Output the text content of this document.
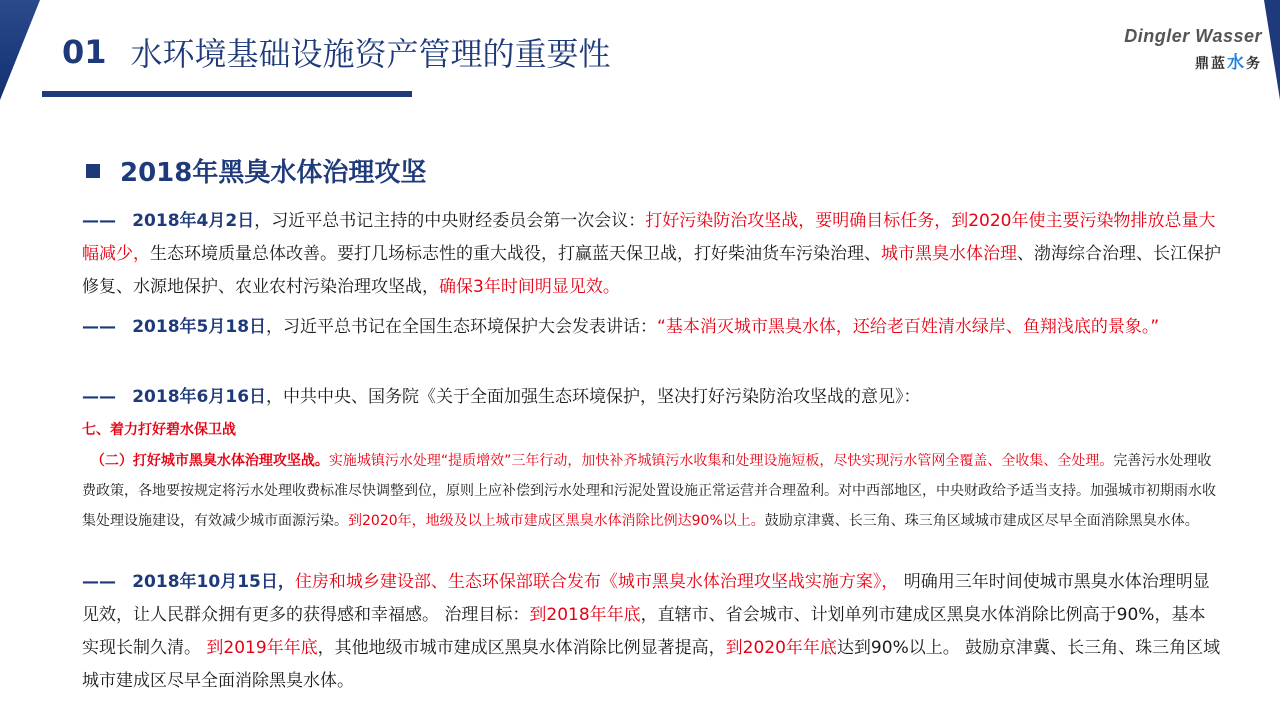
01 水环境基础设施资产管理的重要性	Dingler Wasser
鼎蓝水务
2018年黑臭水体治理攻坚
—— 2018年4月2日，习近平总书记主持的中央财经委员会第一次会议：打好污染防治攻坚战，要明确目标任务，到2020年使主要污染物排放总量大幅减少，生态环境质量总体改善。要打几场标志性的重大战役，打赢蓝天保卫战，打好柴油货车污染治理、城市黑臭水体治理、渤海综合治理、长江保护修复、水源地保护、农业农村污染治理攻坚战，确保3年时间明显见效。
—— 2018年5月18日，习近平总书记在全国生态环境保护大会发表讲话：“基本消灭城市黑臭水体，还给老百姓清水绿岸、鱼翔浅底的景象。”
—— 2018年6月16日，中共中央、国务院《关于全面加强生态环境保护，坚决打好污染防治攻坚战的意见》：
七、着力打好碧水保卫战
（二）打好城市黑臭水体治理攻坚战。实施城镇污水处理“提质增效”三年行动，加快补齐城镇污水收集和处理设施短板，尽快实现污水管网全覆盖、全收集、全处理。完善污水处理收费政策，各地要按规定将污水处理收费标准尽快调整到位，原则上应补偿到污水处理和污泥处置设施正常运营并合理盈利。对中西部地区，中央财政给予适当支持。加强城市初期雨水收集处理设施建设，有效减少城市面源污染。到2020年，地级及以上城市建成区黑臭水体消除比例达90%以上。鼓励京津冀、长三角、珠三角区域城市建成区尽早全面消除黑臭水体。
—— 2018年10月15日，住房和城乡建设部、生态环保部联合发布《城市黑臭水体治理攻坚战实施方案》， 明确用三年时间使城市黑臭水体治理明显见效，让人民群众拥有更多的获得感和幸福感。 治理目标：到2018年年底，直辖市、省会城市、计划单列市建成区黑臭水体消除比例高于90%，基本实现长制久清。 到2019年年底，其他地级市城市建成区黑臭水体消除比例显著提高，到2020年年底达到90%以上。 鼓励京津冀、长三角、珠三角区域城市建成区尽早全面消除黑臭水体。
